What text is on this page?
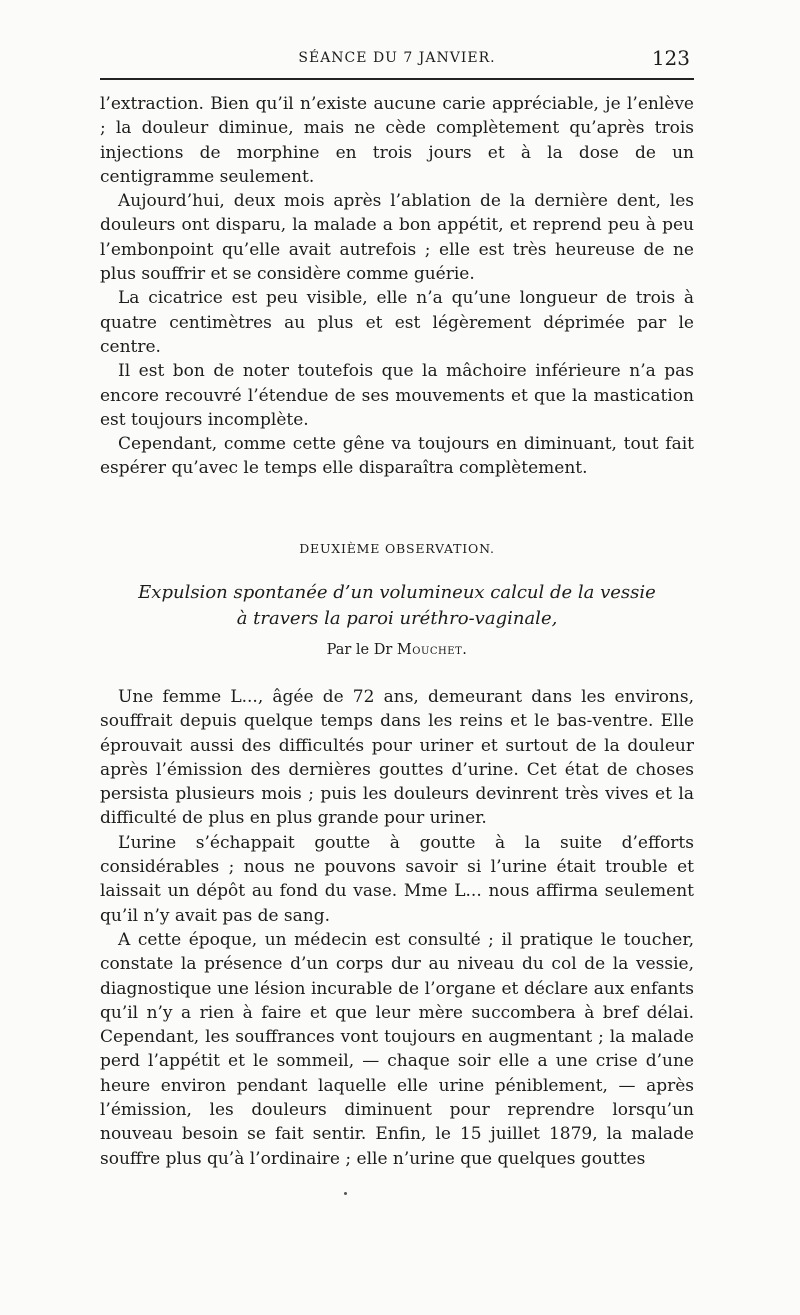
SÉANCE DU 7 JANVIER.	123

l’extraction. Bien qu’il n’existe aucune carie appréciable, je l’enlève ; la douleur diminue, mais ne cède complètement qu’après trois injections de morphine en trois jours et à la dose de un centigramme seulement.

Aujourd’hui, deux mois après l’ablation de la dernière dent, les douleurs ont disparu, la malade a bon appétit, et reprend peu à peu l’embonpoint qu’elle avait autrefois ; elle est très heureuse de ne plus souffrir et se considère comme guérie.

La cicatrice est peu visible, elle n’a qu’une longueur de trois à quatre centimètres au plus et est légèrement déprimée par le centre.

Il est bon de noter toutefois que la mâchoire inférieure n’a pas encore recouvré l’étendue de ses mouvements et que la mastication est toujours incomplète.

Cependant, comme cette gêne va toujours en diminuant, tout fait espérer qu’avec le temps elle disparaîtra complètement.

DEUXIÈME OBSERVATION.
Expulsion spontanée d’un volumineux calcul de la vessie
à travers la paroi uréthro-vaginale,
Par le Dr Mouchet.

Une femme L..., âgée de 72 ans, demeurant dans les environs, souffrait depuis quelque temps dans les reins et le bas-ventre. Elle éprouvait aussi des difficultés pour uriner et surtout de la douleur après l’émission des dernières gouttes d’urine. Cet état de choses persista plusieurs mois ; puis les douleurs devinrent très vives et la difficulté de plus en plus grande pour uriner.

L’urine s’échappait goutte à goutte à la suite d’efforts considérables ; nous ne pouvons savoir si l’urine était trouble et laissait un dépôt au fond du vase. Mme L... nous affirma seulement qu’il n’y avait pas de sang.

A cette époque, un médecin est consulté ; il pratique le toucher, constate la présence d’un corps dur au niveau du col de la vessie, diagnostique une lésion incurable de l’organe et déclare aux enfants qu’il n’y a rien à faire et que leur mère succombera à bref délai. Cependant, les souffrances vont toujours en augmentant ; la malade perd l’appétit et le sommeil, — chaque soir elle a une crise d’une heure environ pendant laquelle elle urine péniblement, — après l’émission, les douleurs diminuent pour reprendre lorsqu’un nouveau besoin se fait sentir. Enfin, le 15 juillet 1879, la malade souffre plus qu’à l’ordinaire ; elle n’urine que quelques gouttes
